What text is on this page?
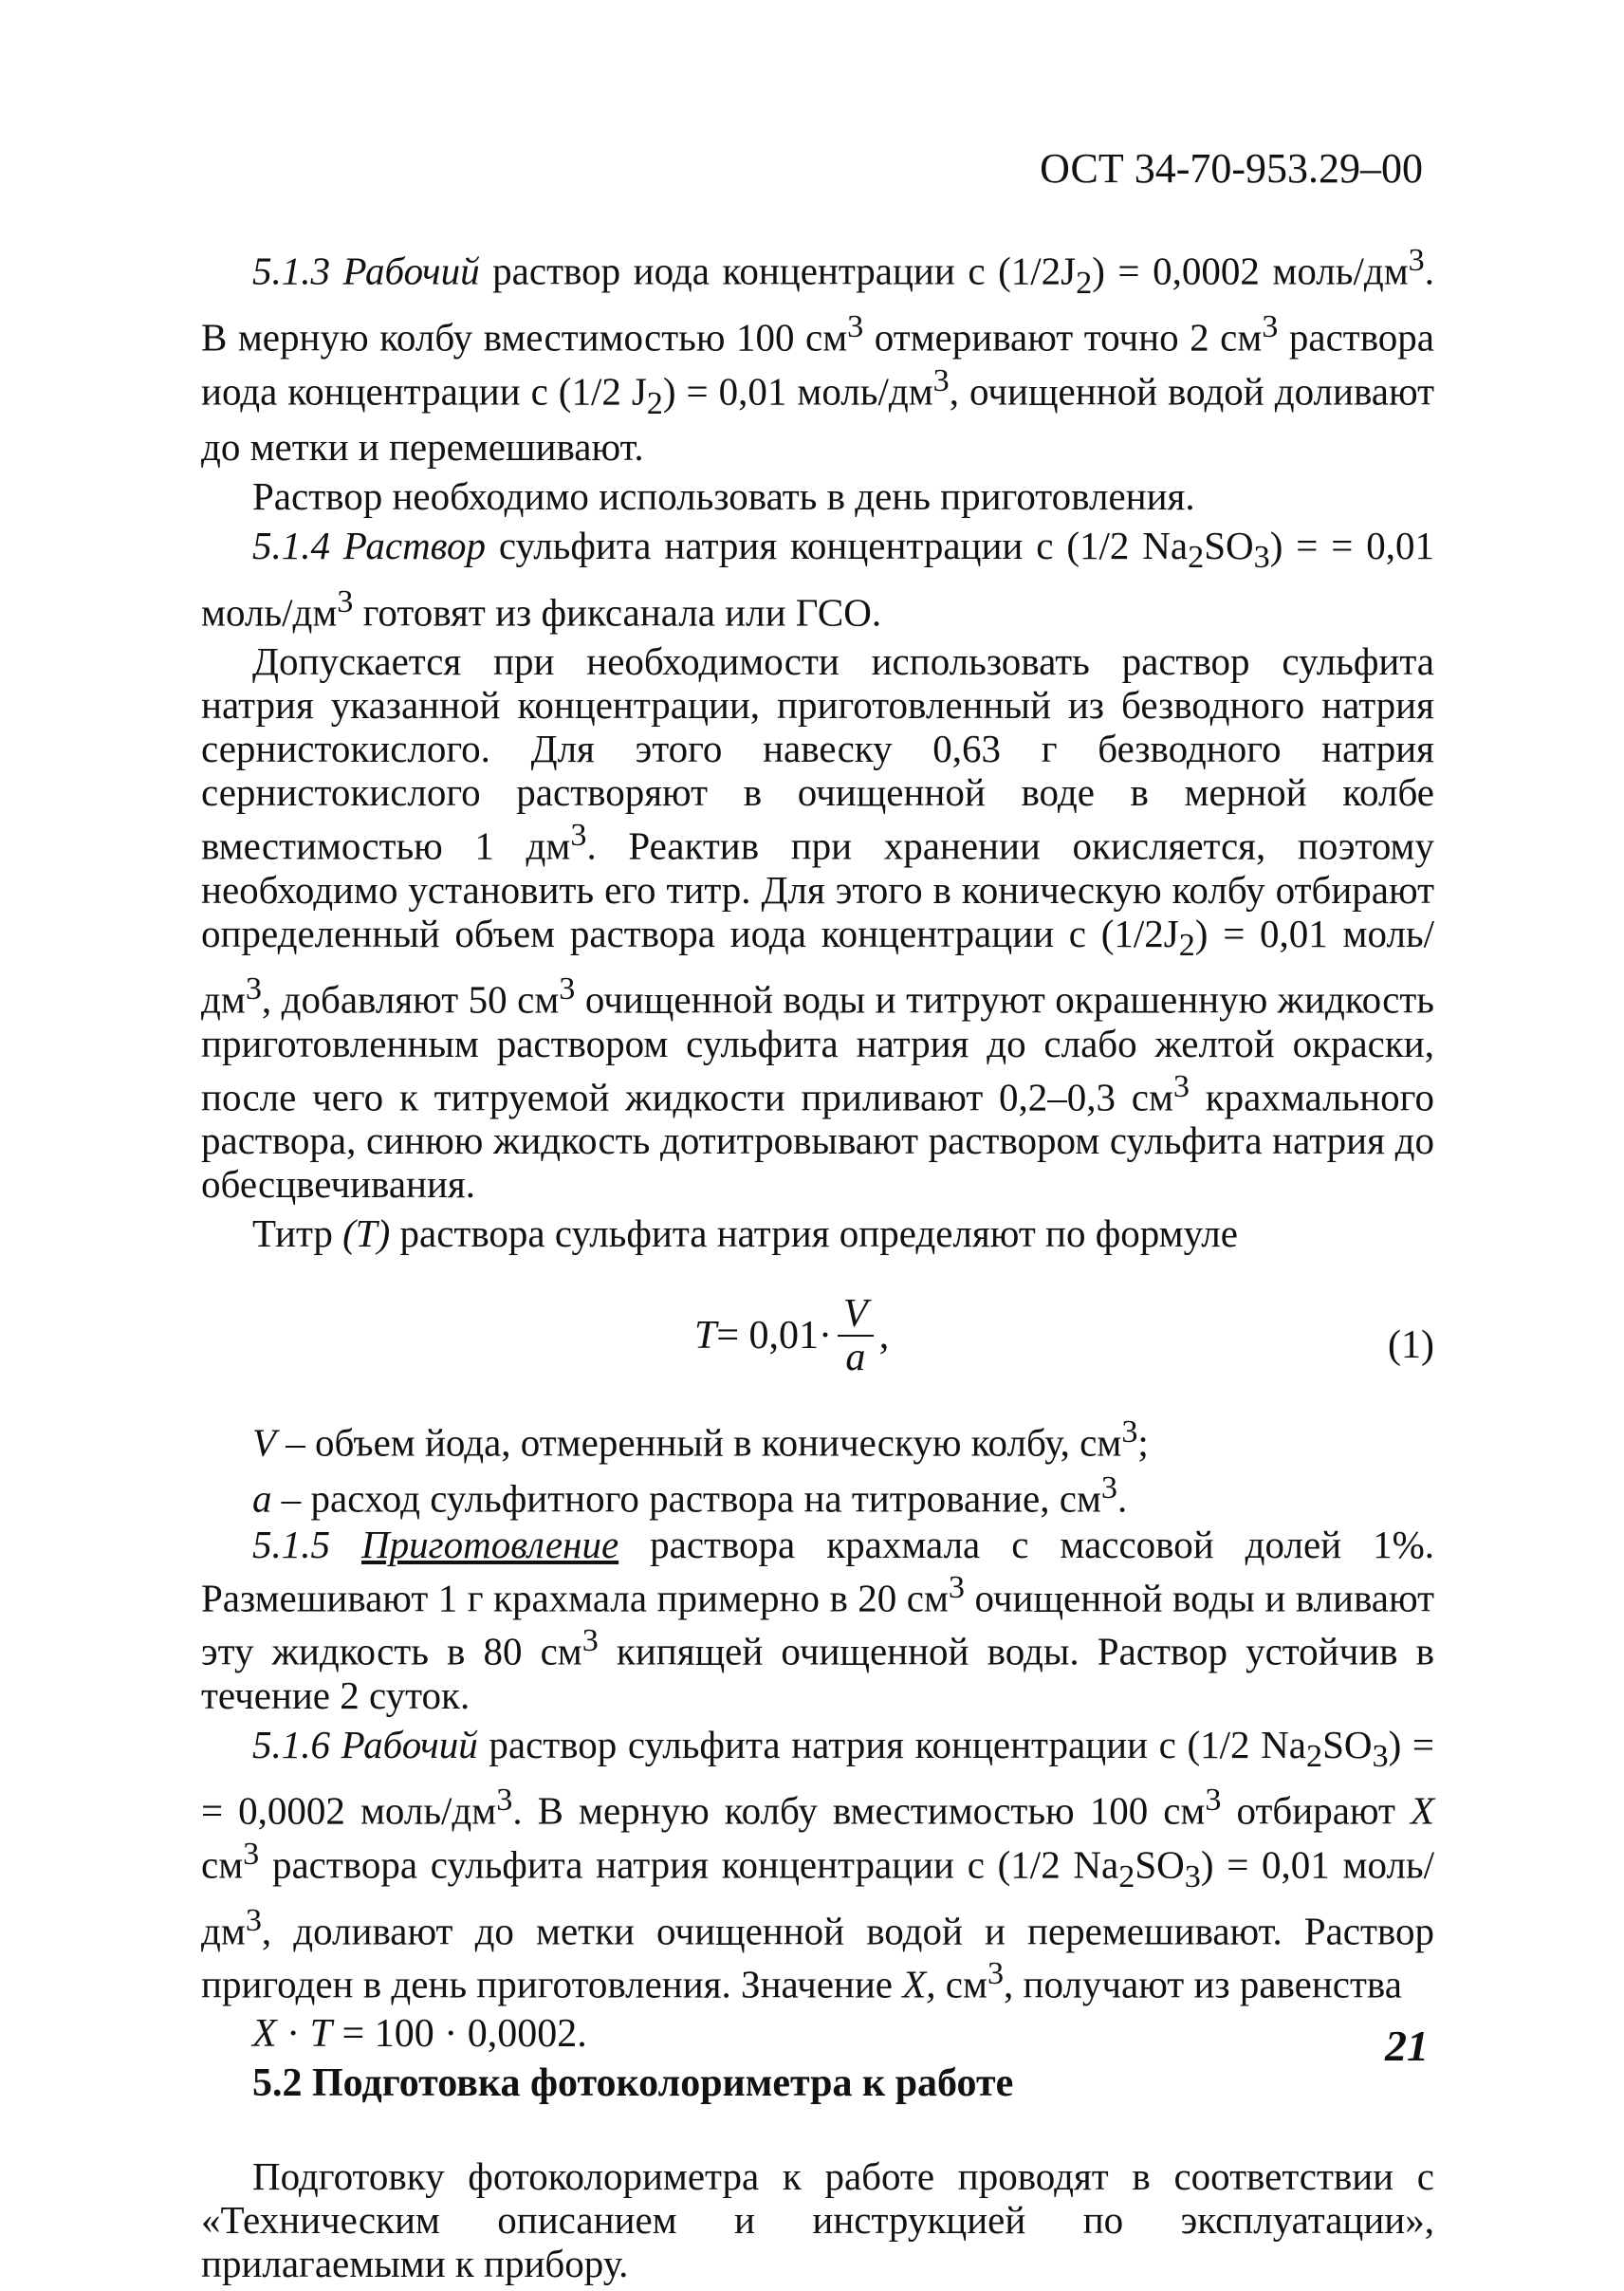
ОСТ 34-70-953.29–00

5.1.3 Рабочий раствор иода концентрации с $(1/2J_2) = 0,0002$ моль/$дм^3$. В мерную колбу вместимостью 100 $см^3$ отмеривают точно 2 $см^3$ раствора иода концентрации с (1/2 $J_2) = 0,01$ моль/$дм^3$, очищенной водой доливают до метки и перемешивают.

Раствор необходимо использовать в день приготовления.

5.1.4 Раствор сульфита натрия концентрации с (1/2 $Na_2SO_3$) = = 0,01 моль/$дм^3$ готовят из фиксанала или ГСО.

Допускается при необходимости использовать раствор сульфита натрия указанной концентрации, приготовленный из безводного натрия сернистокислого. Для этого навеску 0,63 г безводного натрия сернистокислого растворяют в очищенной воде в мерной колбе вместимостью 1 $дм^3$. Реактив при хранении окисляется, поэтому необходимо установить его титр. Для этого в коническую колбу отбирают определенный объем раствора иода концентрации с $(1/2J_2) = 0,01$ моль/$дм^3$, добавляют 50 $см^3$ очищенной воды и титруют окрашенную жидкость приготовленным раствором сульфита натрия до слабо желтой окраски, после чего к титруемой жидкости приливают 0,2–0,3 $см^3$ крахмального раствора, синюю жидкость дотитровывают раствором сульфита натрия до обесцвечивания.

Титр (Т) раствора сульфита натрия определяют по формуле

$Т = 0,01\cdot \frac{V}{a}$ ,	(1)

V – объем йода, отмеренный в коническую колбу, $см^3$;

a – расход сульфитного раствора на титрование, $см^3$.

5.1.5 Приготовление раствора крахмала с массовой долей 1%. Размешивают 1 г крахмала примерно в 20 $см^3$ очищенной воды и вливают эту жидкость в 80 $см^3$ кипящей очищенной воды. Раствор устойчив в течение 2 суток.

5.1.6 Рабочий раствор сульфита натрия концентрации с (1/2 $Na_2SO_3$) = = 0,0002 моль/$дм^3$. В мерную колбу вместимостью 100 $см^3$ отбирают X $см^3$ раствора сульфита натрия концентрации с (1/2 $Na_2SO_3) = 0,01$ моль/$дм^3$, доливают до метки очищенной водой и перемешивают. Раствор пригоден в день приготовления. Значение X, $см^3$, получают из равенства

X · T = 100 · 0,0002.

5.2 Подготовка фотоколориметра к работе

Подготовку фотоколориметра к работе проводят в соответствии с «Техническим описанием и инструкцией по эксплуатации», прилагаемыми к прибору.

21
